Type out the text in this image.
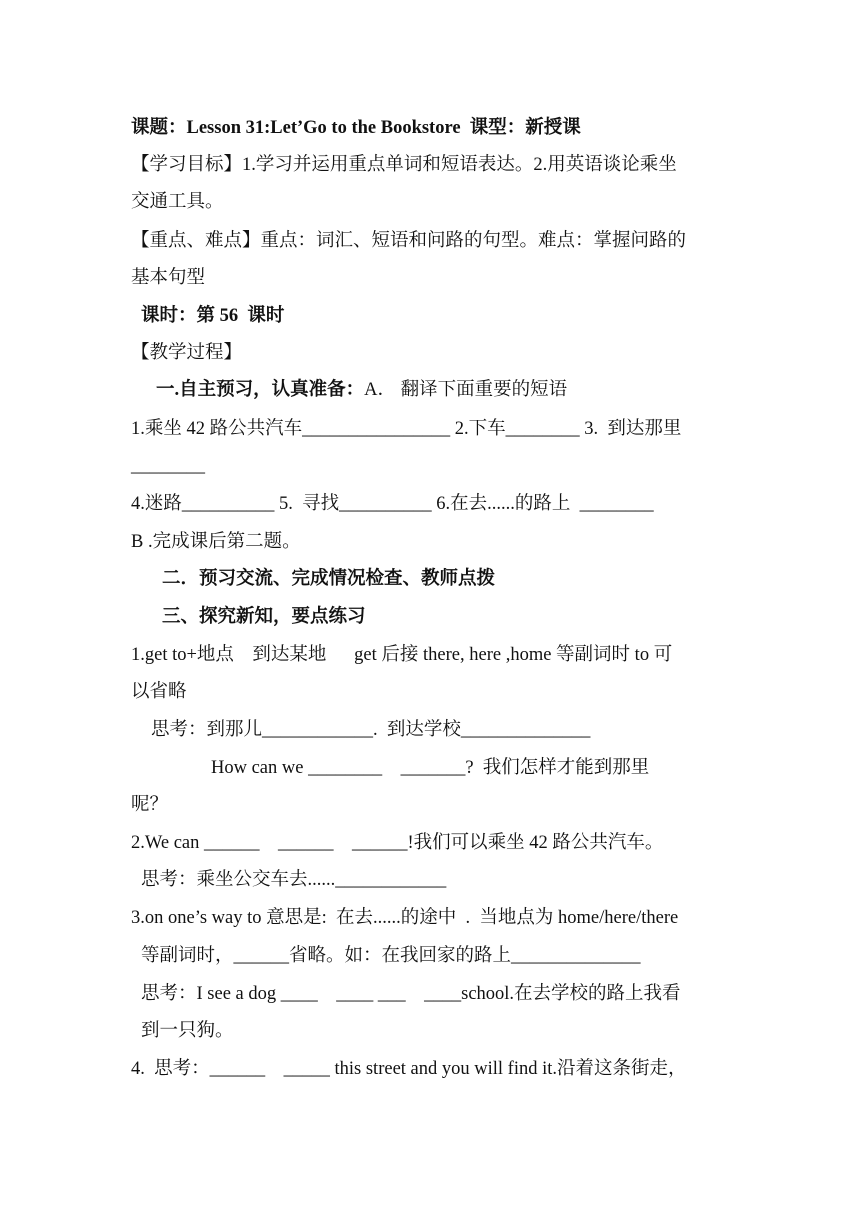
课题：Lesson 31:Let’Go to the Bookstore  课型：新授课
【学习目标】1.学习并运用重点单词和短语表达。2.用英语谈论乘坐
交通工具。
【重点、难点】重点：词汇、短语和问路的句型。难点：掌握问路的
基本句型
课时：第 56  课时
【教学过程】
一.自主预习，认真准备：A． 翻译下面重要的短语
1.乘坐 42 路公共汽车________________ 2.下车________ 3.  到达那里
________
4.迷路__________ 5.  寻找__________ 6.在去......的路上  ________
B .完成课后第二题。
二．预习交流、完成情况检查、教师点拨
三、探究新知，要点练习
1.get to+地点    到达某地      get 后接 there, here ,home 等副词时 to 可
以省略
思考：到那儿____________.  到达学校______________
How can we ________    _______?  我们怎样才能到那里
呢？
2.We can ______    ______    ______!我们可以乘坐 42 路公共汽车。
思考：乘坐公交车去......____________
3.on one’s way to 意思是:  在去......的途中  .  当地点为 home/here/there
等副词时，______省略。如：在我回家的路上______________
思考：I see a dog ____    ____ ___    ____school.在去学校的路上我看
到一只狗。
4.  思考：______    _____ this street and you will find it.沿着这条街走，
